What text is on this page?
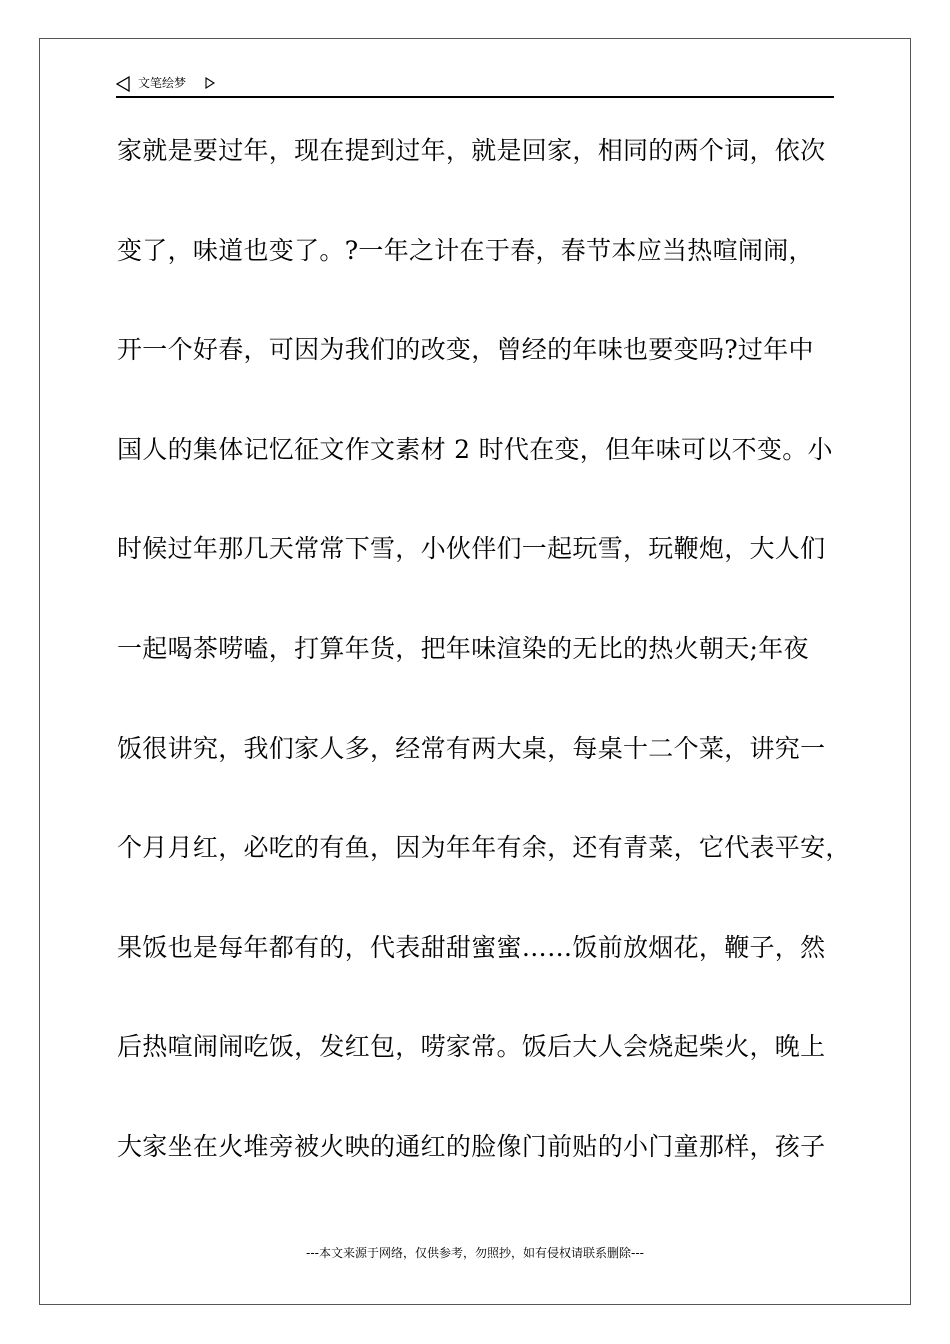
文笔绘梦
家就是要过年，现在提到过年，就是回家，相同的两个词，依次
变了，味道也变了。?一年之计在于春，春节本应当热喧闹闹，
开一个好春，可因为我们的改变，曾经的年味也要变吗?过年中
国人的集体记忆征文作文素材 2 时代在变，但年味可以不变。小
时候过年那几天常常下雪，小伙伴们一起玩雪，玩鞭炮，大人们
一起喝茶唠嗑，打算年货，把年味渲染的无比的热火朝天;年夜
饭很讲究，我们家人多，经常有两大桌，每桌十二个菜，讲究一
个月月红，必吃的有鱼，因为年年有余，还有青菜，它代表平安，
果饭也是每年都有的，代表甜甜蜜蜜……饭前放烟花，鞭子，然
后热喧闹闹吃饭，发红包，唠家常。饭后大人会烧起柴火，晚上
大家坐在火堆旁被火映的通红的脸像门前贴的小门童那样，孩子
---本文来源于网络，仅供参考，勿照抄，如有侵权请联系删除---
